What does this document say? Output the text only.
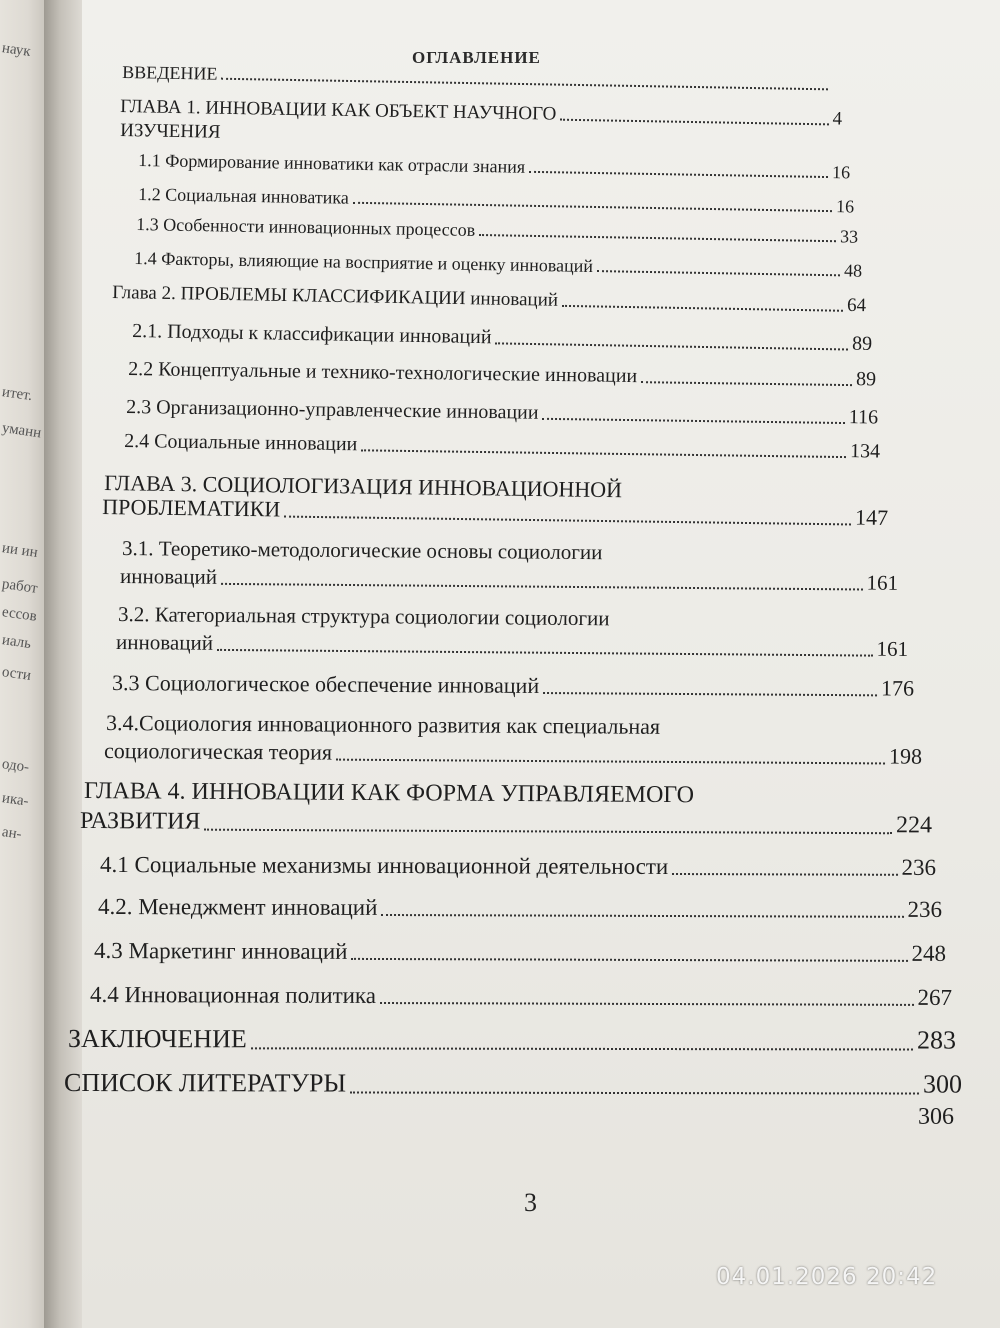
наук
итет.
уманн
ии ин
работ
ессов
иаль
ости
одо-
ика-
ан-
ОГЛАВЛЕНИЕ
ВВЕДЕНИЕ
ГЛАВА 1. ИННОВАЦИИ КАК ОБЪЕКТ НАУЧНОГО	4
ИЗУЧЕНИЯ
1.1 Формирование инноватики как отрасли знания	16
1.2 Социальная инноватика	16
1.3 Особенности инновационных процессов	33
1.4 Факторы, влияющие на восприятие и оценку инноваций	48
Глава 2. ПРОБЛЕМЫ КЛАССИФИКАЦИИ инноваций	64
2.1. Подходы к классификации инноваций	89
2.2 Концептуальные и технико-технологические инновации	89
2.3 Организационно-управленческие инновации	116
2.4 Социальные инновации	134
ГЛАВА 3. СОЦИОЛОГИЗАЦИЯ ИННОВАЦИОННОЙ
ПРОБЛЕМАТИКИ	147
3.1. Теоретико-методологические основы социологии
инноваций	161
3.2. Категориальная структура социологии социологии
инноваций	161
3.3 Социологическое обеспечение инноваций	176
3.4.Социология инновационного развития как специальная
социологическая теория	198
ГЛАВА 4. ИННОВАЦИИ КАК ФОРМА УПРАВЛЯЕМОГО
РАЗВИТИЯ	224
4.1 Социальные механизмы инновационной деятельности	236
4.2. Менеджмент инноваций	236
4.3 Маркетинг инноваций	248
4.4 Инновационная политика	267
ЗАКЛЮЧЕНИЕ	283
СПИСОК ЛИТЕРАТУРЫ	300
306
3
04.01.2026 20:42
